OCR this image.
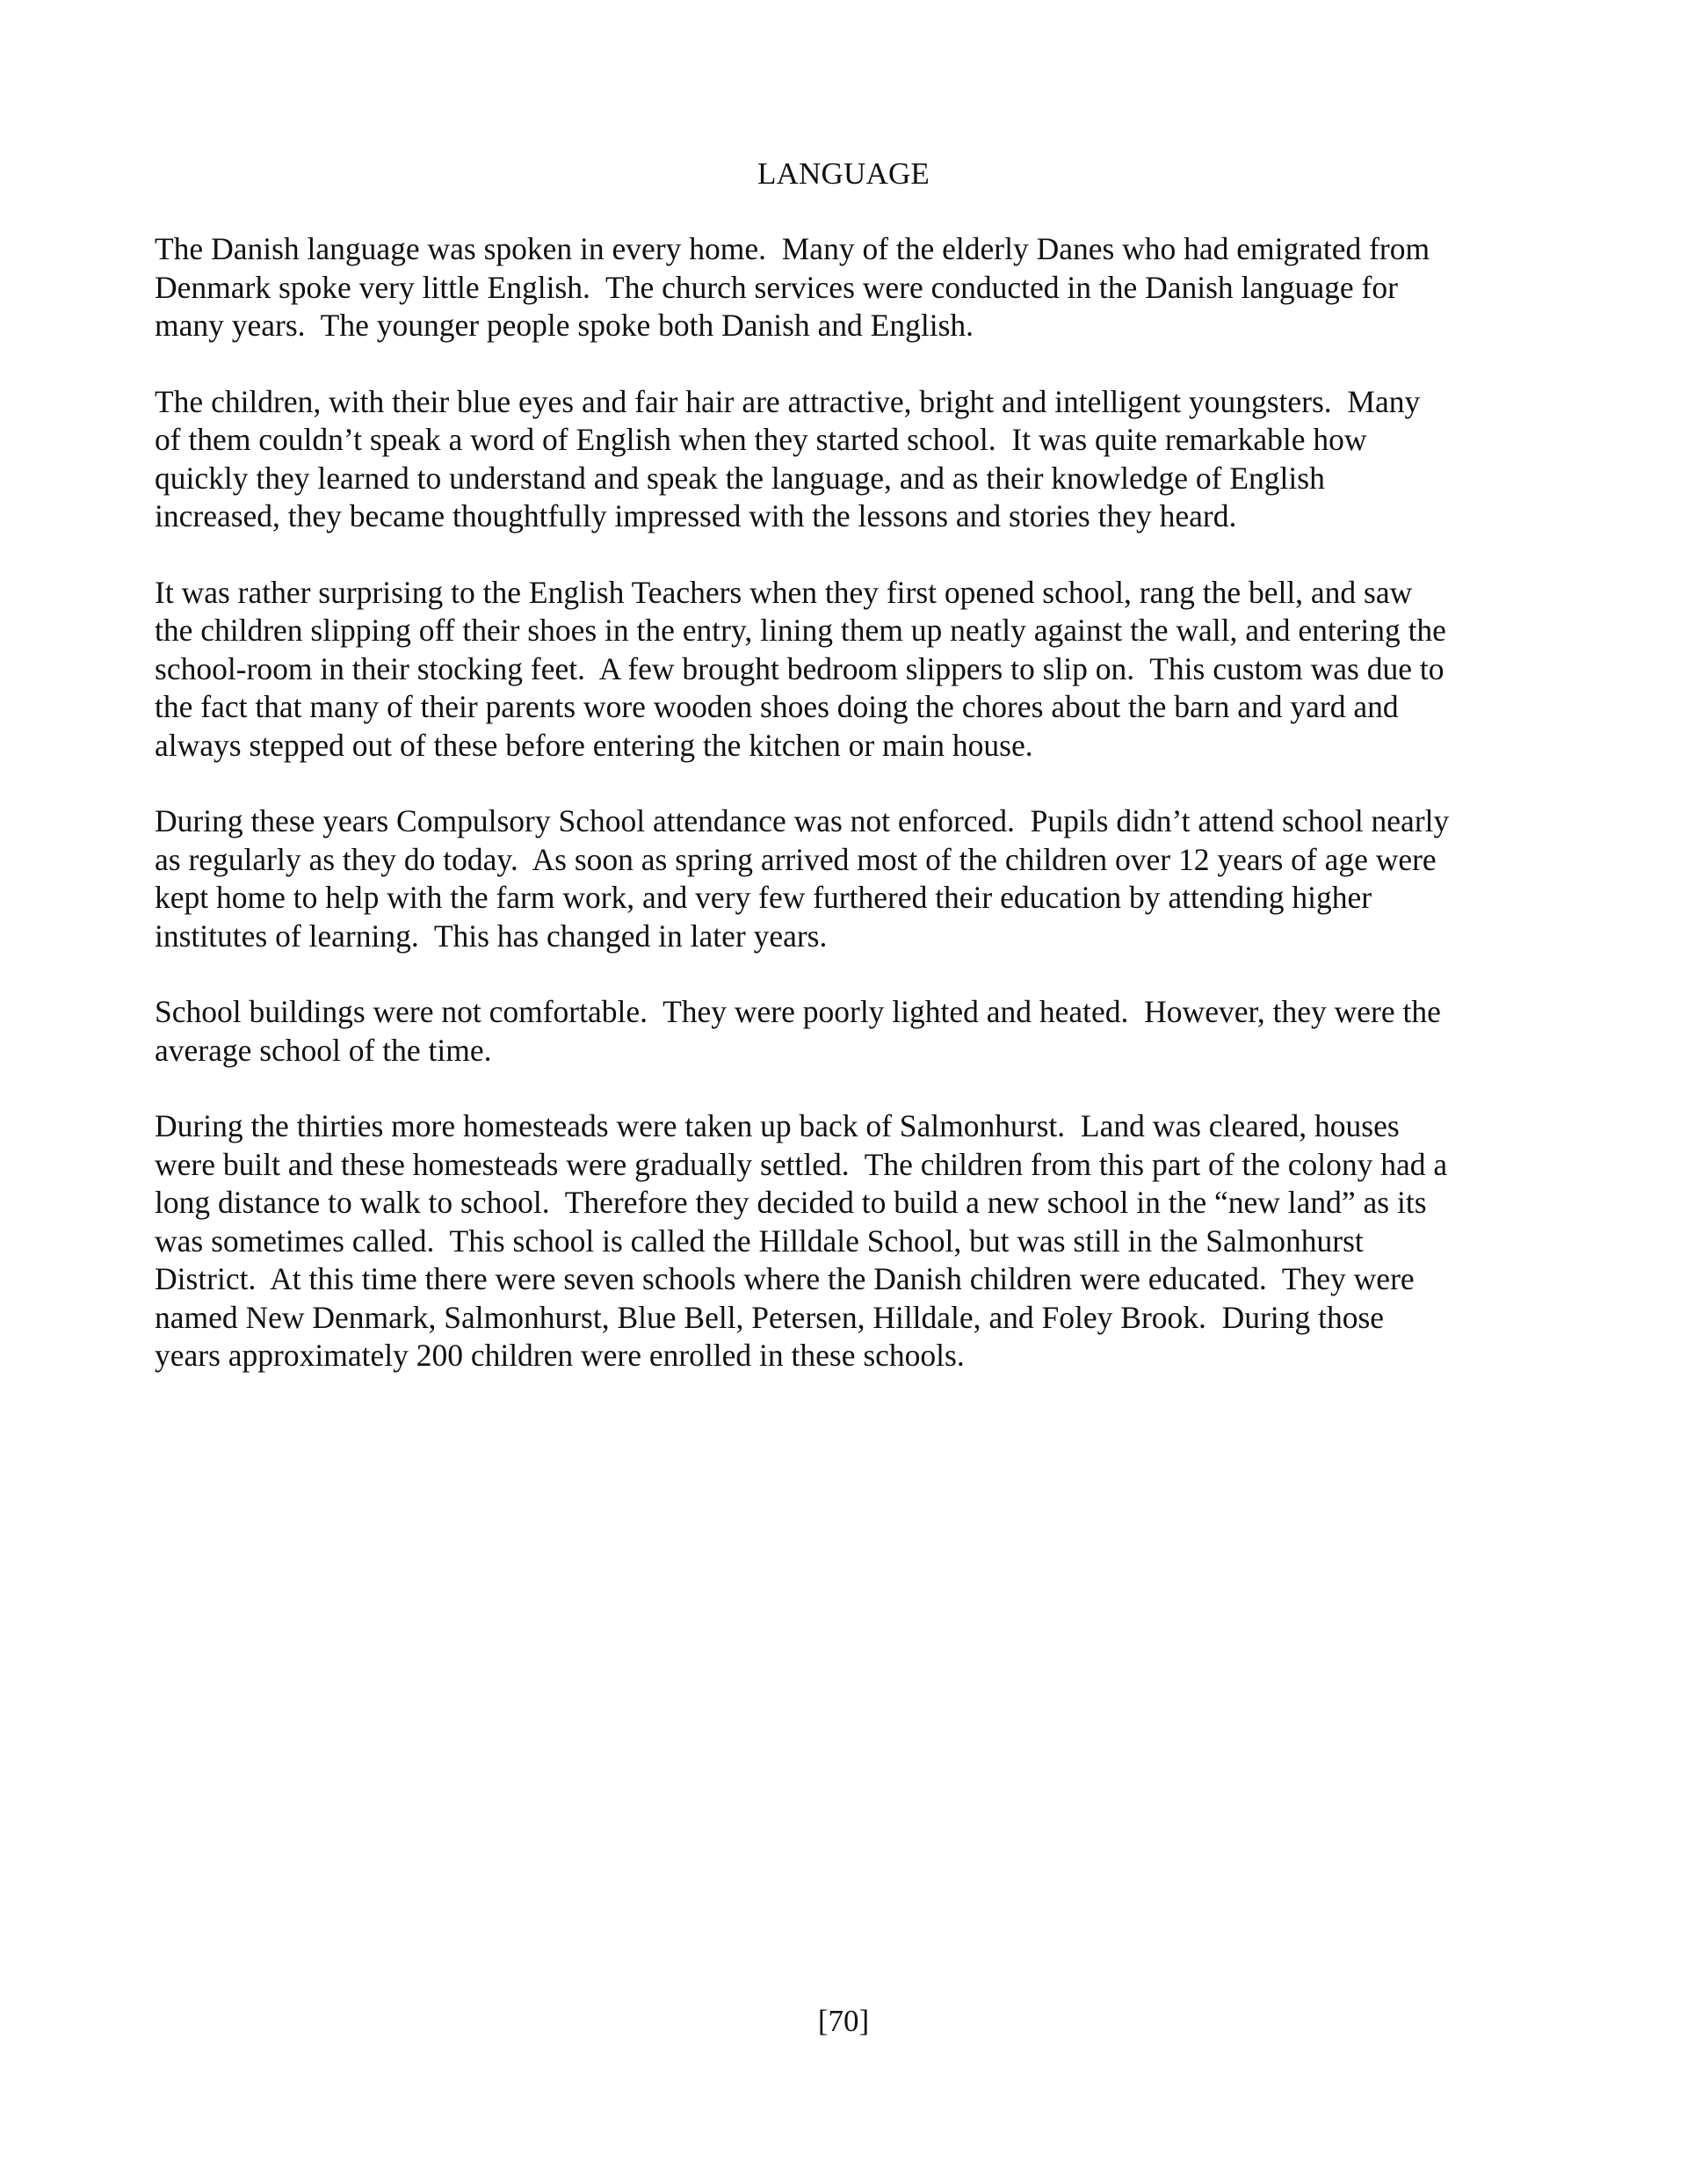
LANGUAGE

The Danish language was spoken in every home.  Many of the elderly Danes who had emigrated from
Denmark spoke very little English.  The church services were conducted in the Danish language for
many years.  The younger people spoke both Danish and English.

The children, with their blue eyes and fair hair are attractive, bright and intelligent youngsters.  Many
of them couldn’t speak a word of English when they started school.  It was quite remarkable how
quickly they learned to understand and speak the language, and as their knowledge of English
increased, they became thoughtfully impressed with the lessons and stories they heard.

It was rather surprising to the English Teachers when they first opened school, rang the bell, and saw
the children slipping off their shoes in the entry, lining them up neatly against the wall, and entering the
school-room in their stocking feet.  A few brought bedroom slippers to slip on.  This custom was due to
the fact that many of their parents wore wooden shoes doing the chores about the barn and yard and
always stepped out of these before entering the kitchen or main house.

During these years Compulsory School attendance was not enforced.  Pupils didn’t attend school nearly
as regularly as they do today.  As soon as spring arrived most of the children over 12 years of age were
kept home to help with the farm work, and very few furthered their education by attending higher
institutes of learning.  This has changed in later years.

School buildings were not comfortable.  They were poorly lighted and heated.  However, they were the
average school of the time.

During the thirties more homesteads were taken up back of Salmonhurst.  Land was cleared, houses
were built and these homesteads were gradually settled.  The children from this part of the colony had a
long distance to walk to school.  Therefore they decided to build a new school in the “new land” as its
was sometimes called.  This school is called the Hilldale School, but was still in the Salmonhurst
District.  At this time there were seven schools where the Danish children were educated.  They were
named New Denmark, Salmonhurst, Blue Bell, Petersen, Hilldale, and Foley Brook.  During those
years approximately 200 children were enrolled in these schools.

[70]
